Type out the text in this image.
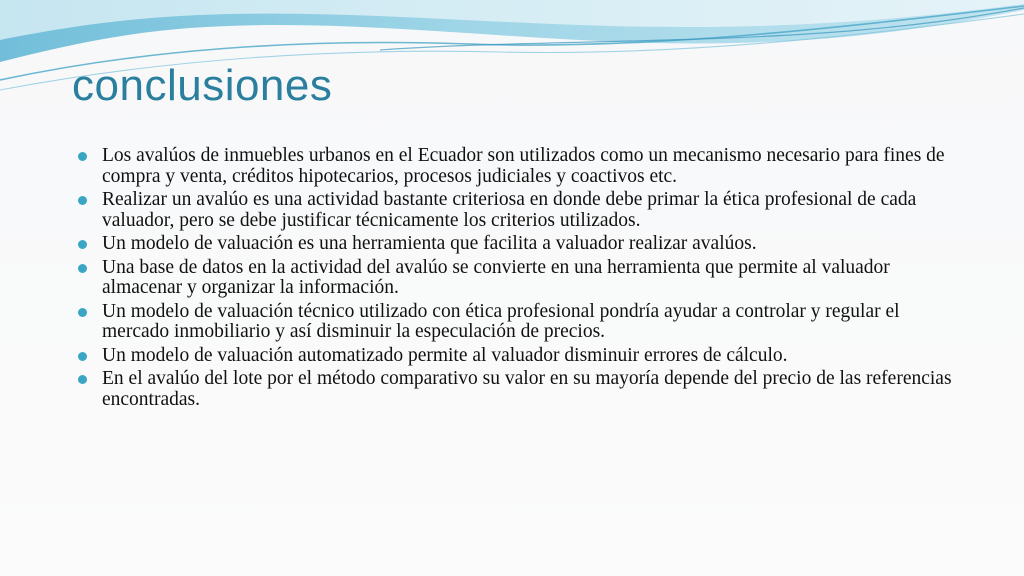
conclusiones
Los avalúos de inmuebles urbanos en el Ecuador son utilizados como un mecanismo necesario para fines de compra y venta, créditos hipotecarios, procesos judiciales y coactivos etc.
Realizar un avalúo es una actividad bastante criteriosa en donde debe primar la ética profesional de cada valuador, pero se debe justificar técnicamente los criterios utilizados.
Un modelo de valuación es una herramienta que facilita a valuador realizar avalúos.
Una base de datos en la actividad del avalúo se convierte en una herramienta que permite al valuador almacenar y organizar la información.
Un modelo de valuación técnico utilizado con ética profesional pondría ayudar a controlar y regular el mercado inmobiliario y así disminuir la especulación de precios.
Un modelo de valuación automatizado permite al valuador disminuir errores de cálculo.
En el avalúo del lote por el método comparativo su valor en su mayoría depende del precio de las referencias encontradas.
